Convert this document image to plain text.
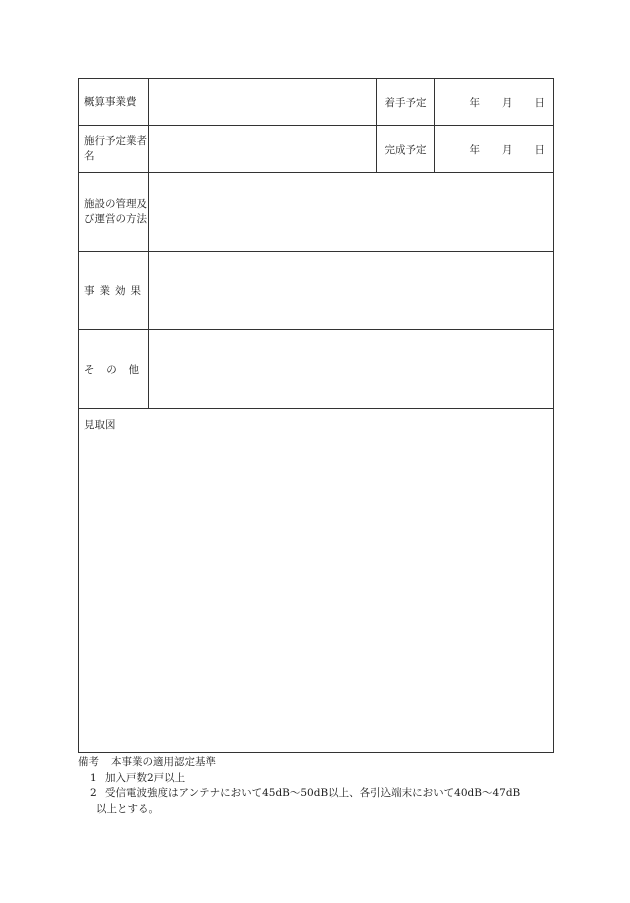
概算事業費		着手予定	年 月 日
施行予定業者名		完成予定	年 月 日
施設の管理及び運営の方法			
事業効果			

そ の 他			

見取図			
備考 本事業の適用認定基準
1 加入戸数2戸以上
2 受信電波強度はアンテナにおいて45dB～50dB以上、各引込端末において40dB～47dB
以上とする。
